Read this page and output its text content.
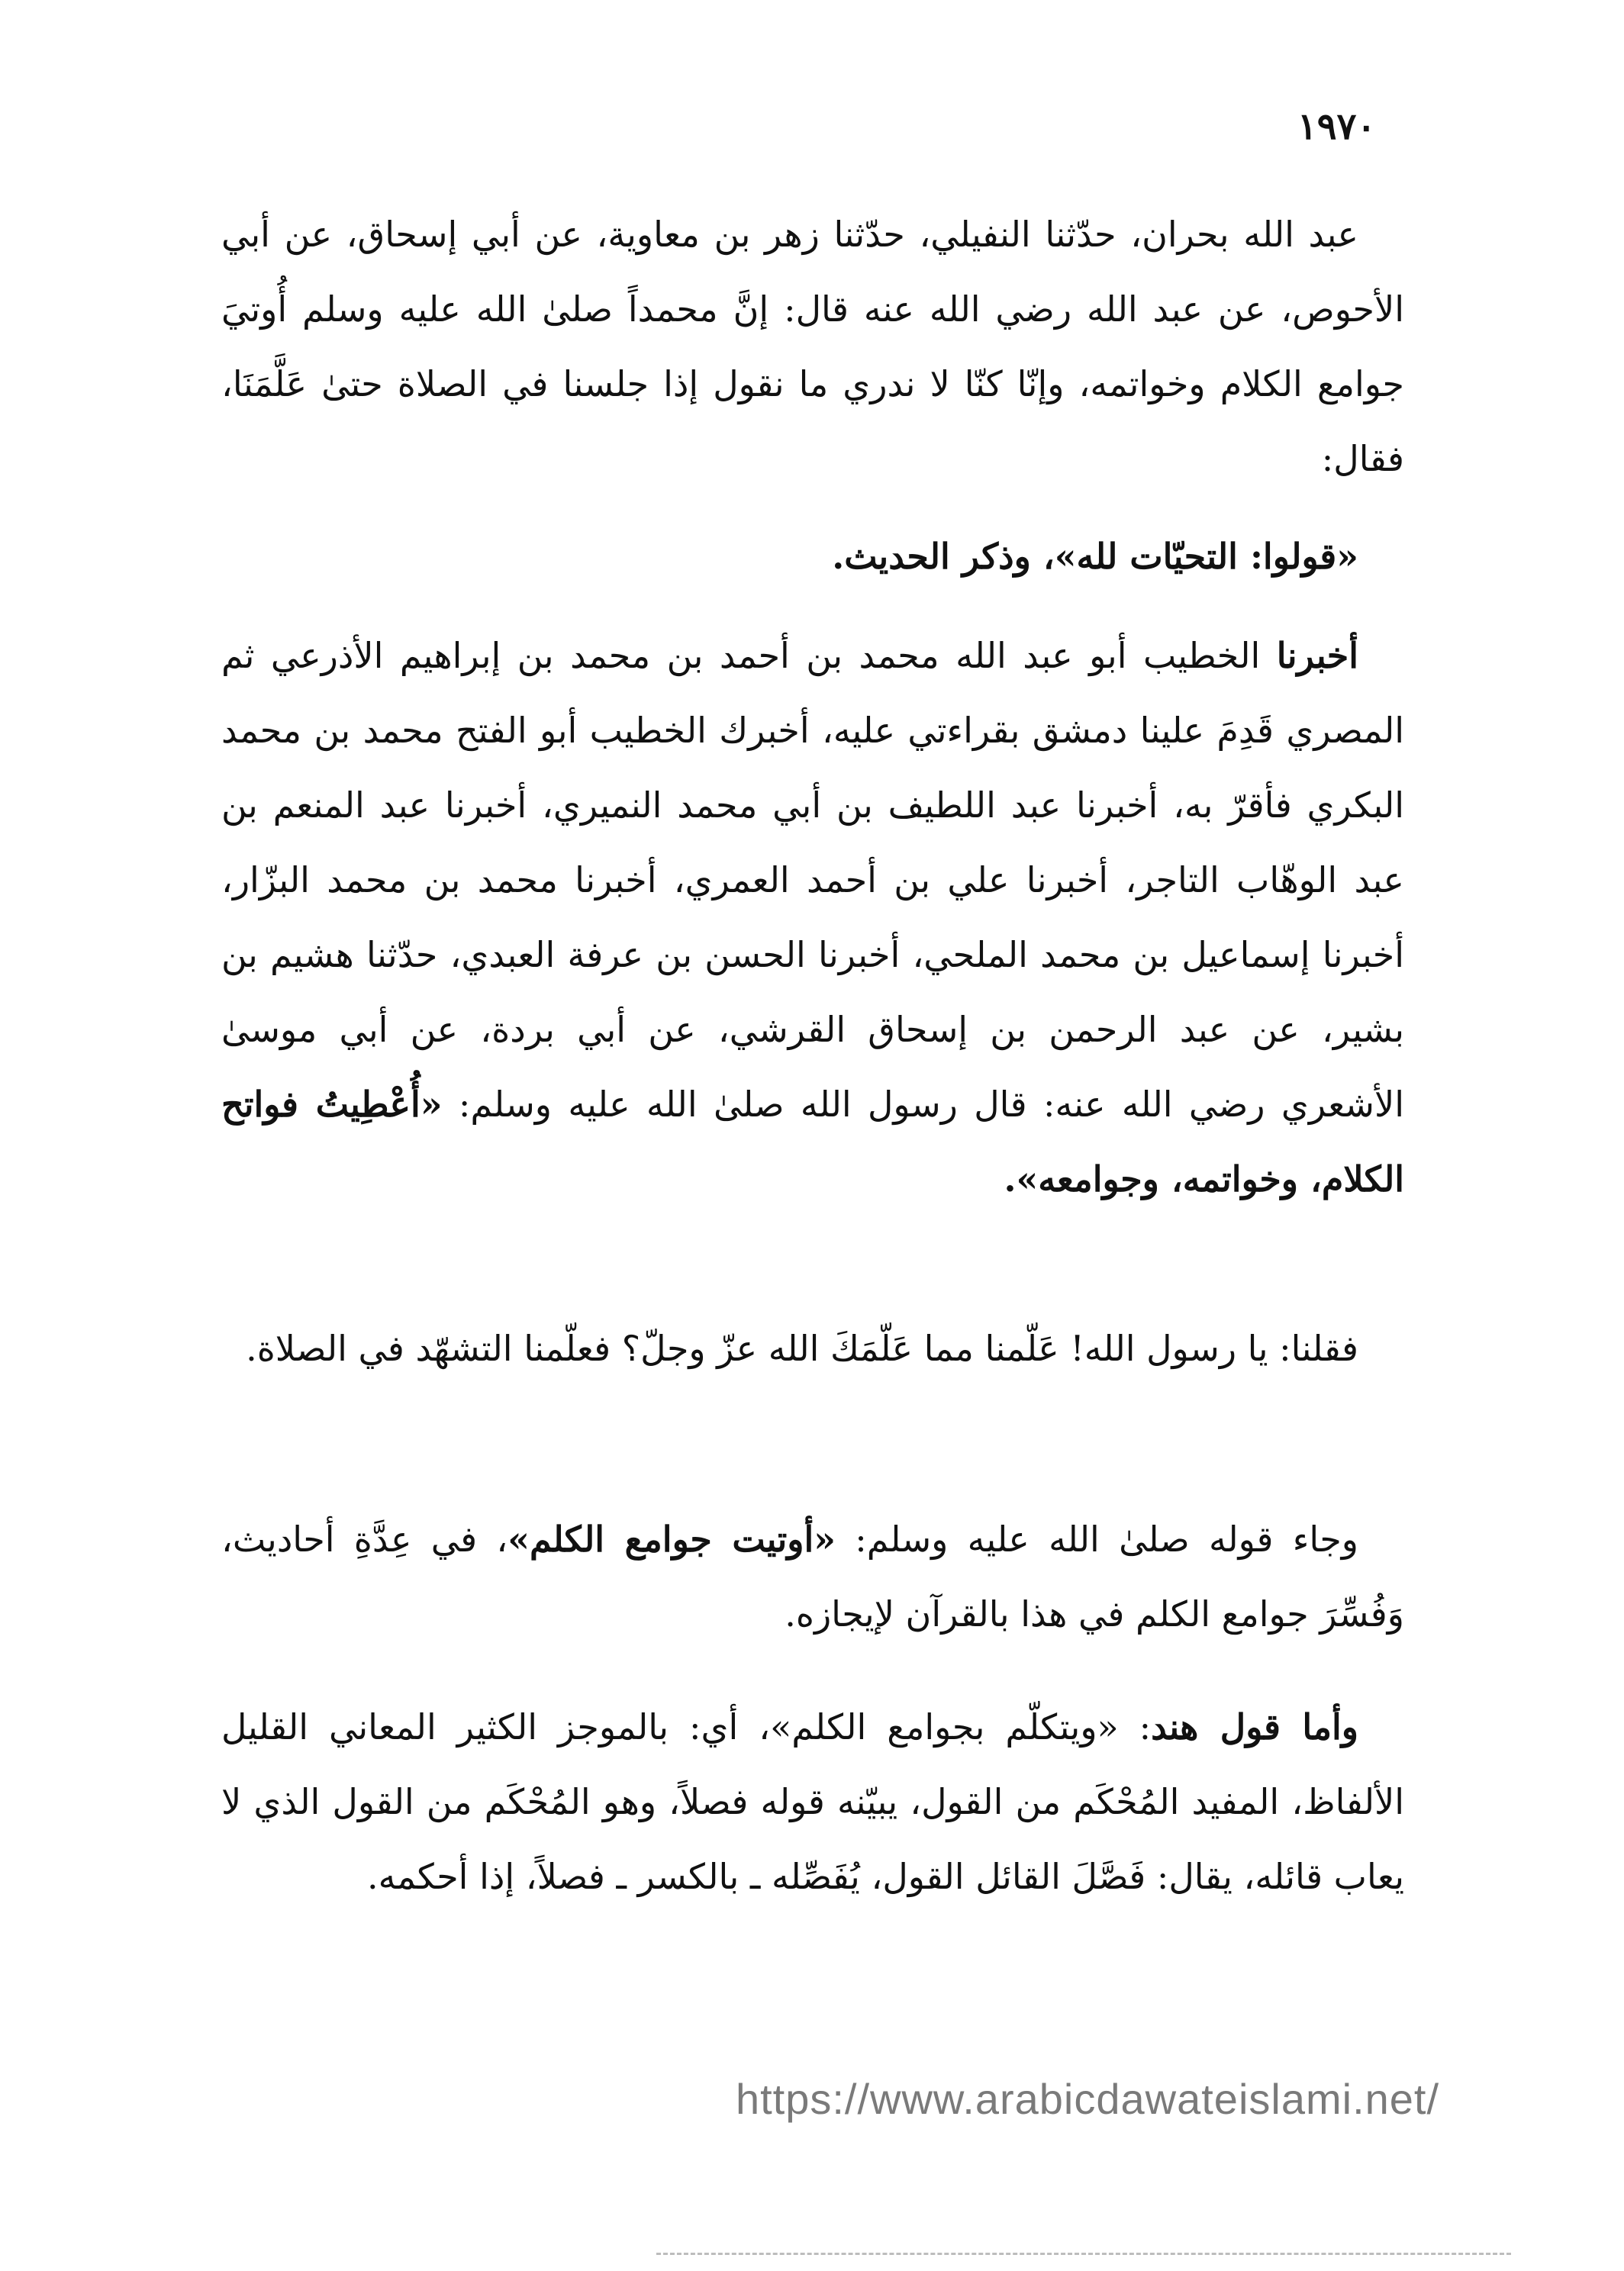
١٩٧٠

عبد الله بحران، حدّثنا النفيلي، حدّثنا زهر بن معاوية، عن أبي إسحاق، عن أبي الأحوص، عن عبد الله رضي الله عنه قال: إنَّ محمداً صلىٰ الله عليه وسلم أُوتيَ جوامع الكلام وخواتمه، وإنّا كنّا لا ندري ما نقول إذا جلسنا في الصلاة حتىٰ عَلَّمَنَا، فقال:

«قولوا: التحيّات لله»، وذكر الحديث.

أخبرنا الخطيب أبو عبد الله محمد بن أحمد بن محمد بن إبراهيم الأذرعي ثم المصري قَدِمَ علينا دمشق بقراءتي عليه، أخبرك الخطيب أبو الفتح محمد بن محمد البكري فأقرّ به، أخبرنا عبد اللطيف بن أبي محمد النميري، أخبرنا عبد المنعم بن عبد الوهّاب التاجر، أخبرنا علي بن أحمد العمري، أخبرنا محمد بن محمد البزّار، أخبرنا إسماعيل بن محمد الملحي، أخبرنا الحسن بن عرفة العبدي، حدّثنا هشيم بن بشير، عن عبد الرحمن بن إسحاق القرشي، عن أبي بردة، عن أبي موسىٰ الأشعري رضي الله عنه: قال رسول الله صلىٰ الله عليه وسلم: «أُعْطِيتُ فواتح الكلام، وخواتمه، وجوامعه».

فقلنا: يا رسول الله! عَلّمنا مما عَلّمَكَ الله عزّ وجلّ؟ فعلّمنا التشهّد في الصلاة.

وجاء قوله صلىٰ الله عليه وسلم: «أوتيت جوامع الكلم»، في عِدَّةِ أحاديث، وَفُسِّرَ جوامع الكلم في هذا بالقرآن لإيجازه.

وأما قول هند: «ويتكلّم بجوامع الكلم»، أي: بالموجز الكثير المعاني القليل الألفاظ، المفيد المُحْكَم من القول، يبيّنه قوله فصلاً، وهو المُحْكَم من القول الذي لا يعاب قائله، يقال: فَصَّلَ القائل القول، يُفَصِّله ـ بالكسر ـ فصلاً، إذا أحكمه.

https://www.arabicdawateislami.net/
